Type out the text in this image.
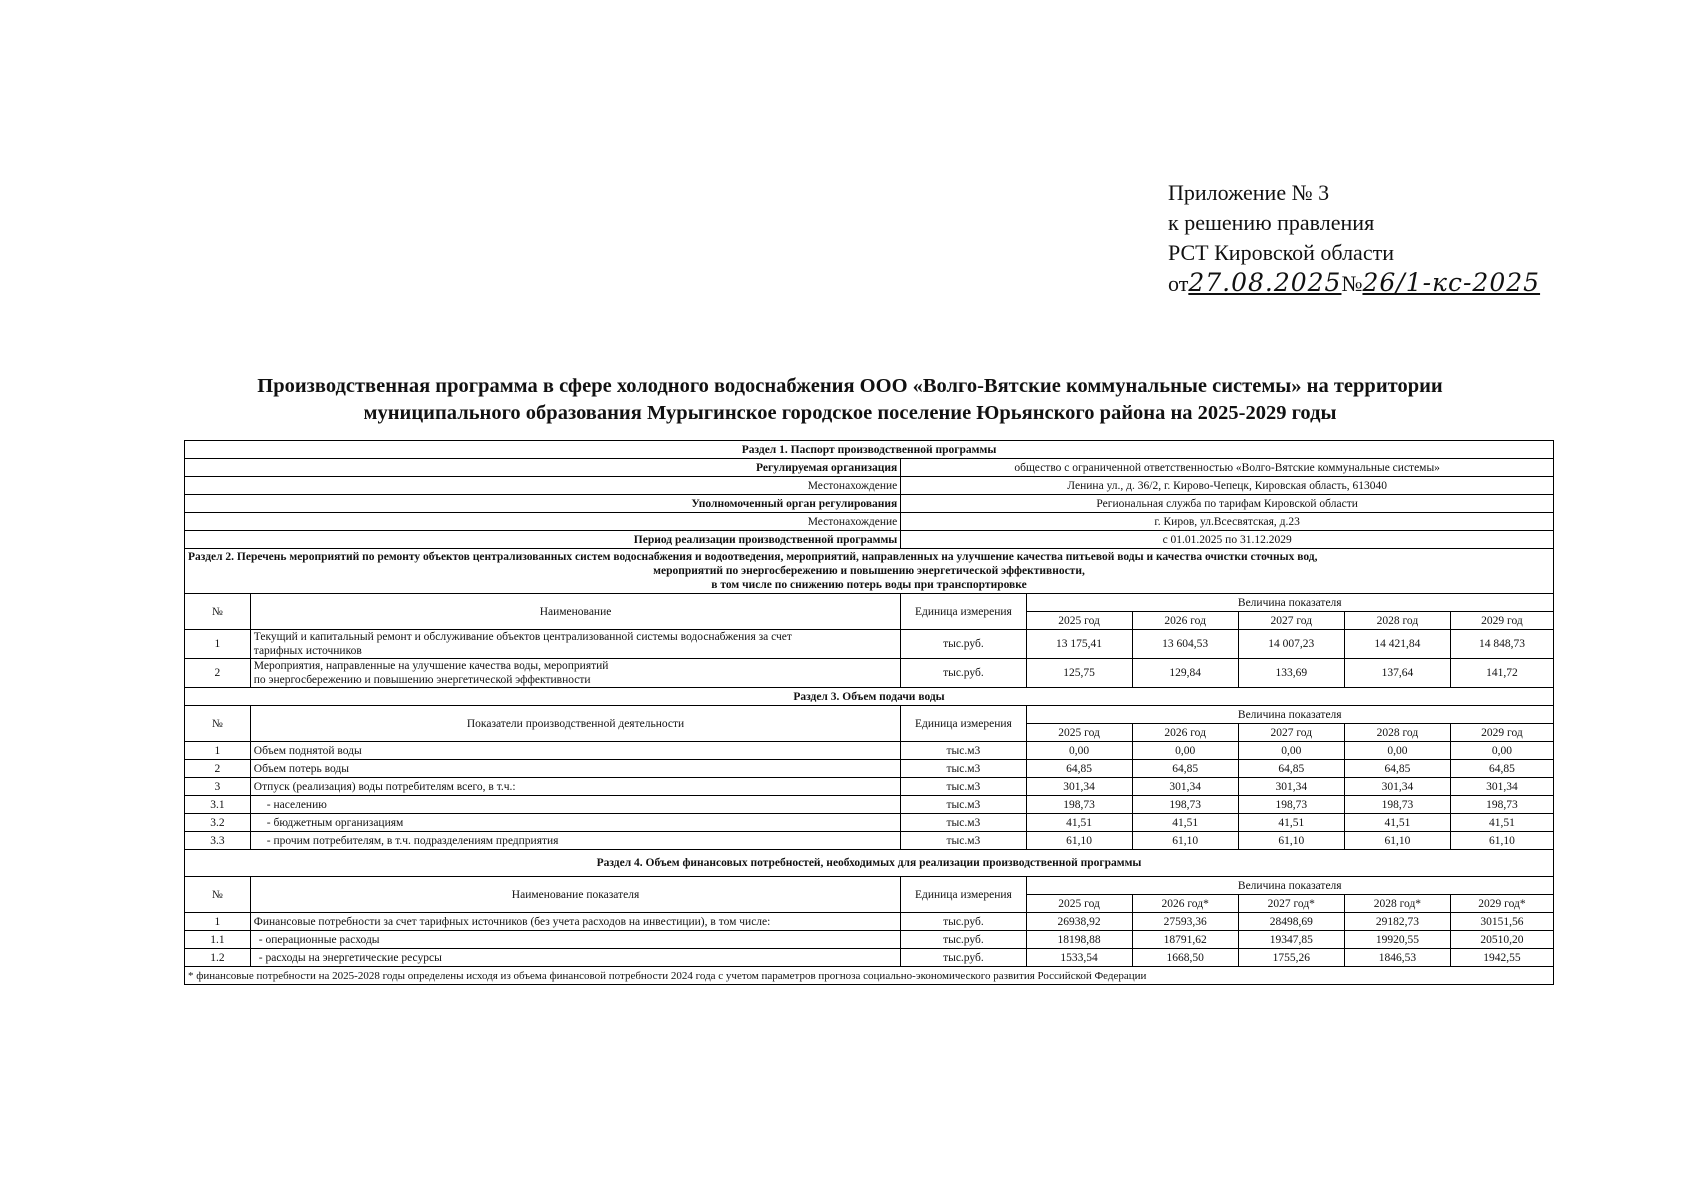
Приложение № 3
к решению правления
РСТ Кировской области
от27.08.2025№26/1-кс-2025
Производственная программа в сфере холодного водоснабжения ООО «Волго-Вятские коммунальные системы» на территории
муниципального образования Мурыгинское городское поселение Юрьянского района на 2025-2029 годы
Раздел 1. Паспорт производственной программы							
Регулируемая организация		общество с ограниченной ответственностью «Волго-Вятские коммунальные системы»					
Местонахождение		Ленина ул., д. 36/2, г. Кирово-Чепецк, Кировская область, 613040					
Уполномоченный орган регулирования		Региональная служба по тарифам Кировской области					
Местонахождение		г. Киров, ул.Всесвятская, д.23					
Период реализации производственной программы		с 01.01.2025 по 31.12.2029					

Раздел 2. Перечень мероприятий по ремонту объектов централизованных систем водоснабжения и водоотведения, мероприятий, направленных на улучшение качества питьевой воды и качества очистки сточных вод,
мероприятий по энергосбережению и повышению энергетической эффективности,
в том числе по снижению потерь воды при транспортировке							

№	Наименование	Единица измерения	Величина показателя				
			2025 год	2026 год	2027 год	2028 год	2029 год
1	Текущий и капитальный ремонт и обслуживание объектов централизованной системы водоснабжения за счет
тарифных источников	тыс.руб.	13 175,41	13 604,53	14 007,23	14 421,84	14 848,73
2	Мероприятия, направленные на улучшение качества воды, мероприятий
по энергосбережению и повышению энергетической эффективности	тыс.руб.	125,75	129,84	133,69	137,64	141,72
Раздел 3. Объем подачи воды							
№	Показатели производственной деятельности	Единица измерения	Величина показателя				
			2025 год	2026 год	2027 год	2028 год	2029 год
1	Объем поднятой воды	тыс.м3	0,00	0,00	0,00	0,00	0,00
2	Объем потерь воды	тыс.м3	64,85	64,85	64,85	64,85	64,85
3	Отпуск (реализация) воды потребителям всего, в т.ч.:	тыс.м3	301,34	301,34	301,34	301,34	301,34
3.1	- населению	тыс.м3	198,73	198,73	198,73	198,73	198,73
3.2	- бюджетным организациям	тыс.м3	41,51	41,51	41,51	41,51	41,51
3.3	- прочим потребителям, в т.ч. подразделениям предприятия	тыс.м3	61,10	61,10	61,10	61,10	61,10
Раздел 4. Объем финансовых потребностей, необходимых для реализации производственной программы							
№	Наименование показателя	Единица измерения	Величина показателя				
			2025 год	2026 год*	2027 год*	2028 год*	2029 год*
1	Финансовые потребности за счет тарифных источников (без учета расходов на инвестиции), в том числе:	тыс.руб.	26938,92	27593,36	28498,69	29182,73	30151,56
1.1	- операционные расходы	тыс.руб.	18198,88	18791,62	19347,85	19920,55	20510,20
1.2	- расходы на энергетические ресурсы	тыс.руб.	1533,54	1668,50	1755,26	1846,53	1942,55
* финансовые потребности на 2025-2028 годы определены исходя из объема финансовой потребности 2024 года с учетом параметров прогноза социально-экономического развития Российской Федерации							
